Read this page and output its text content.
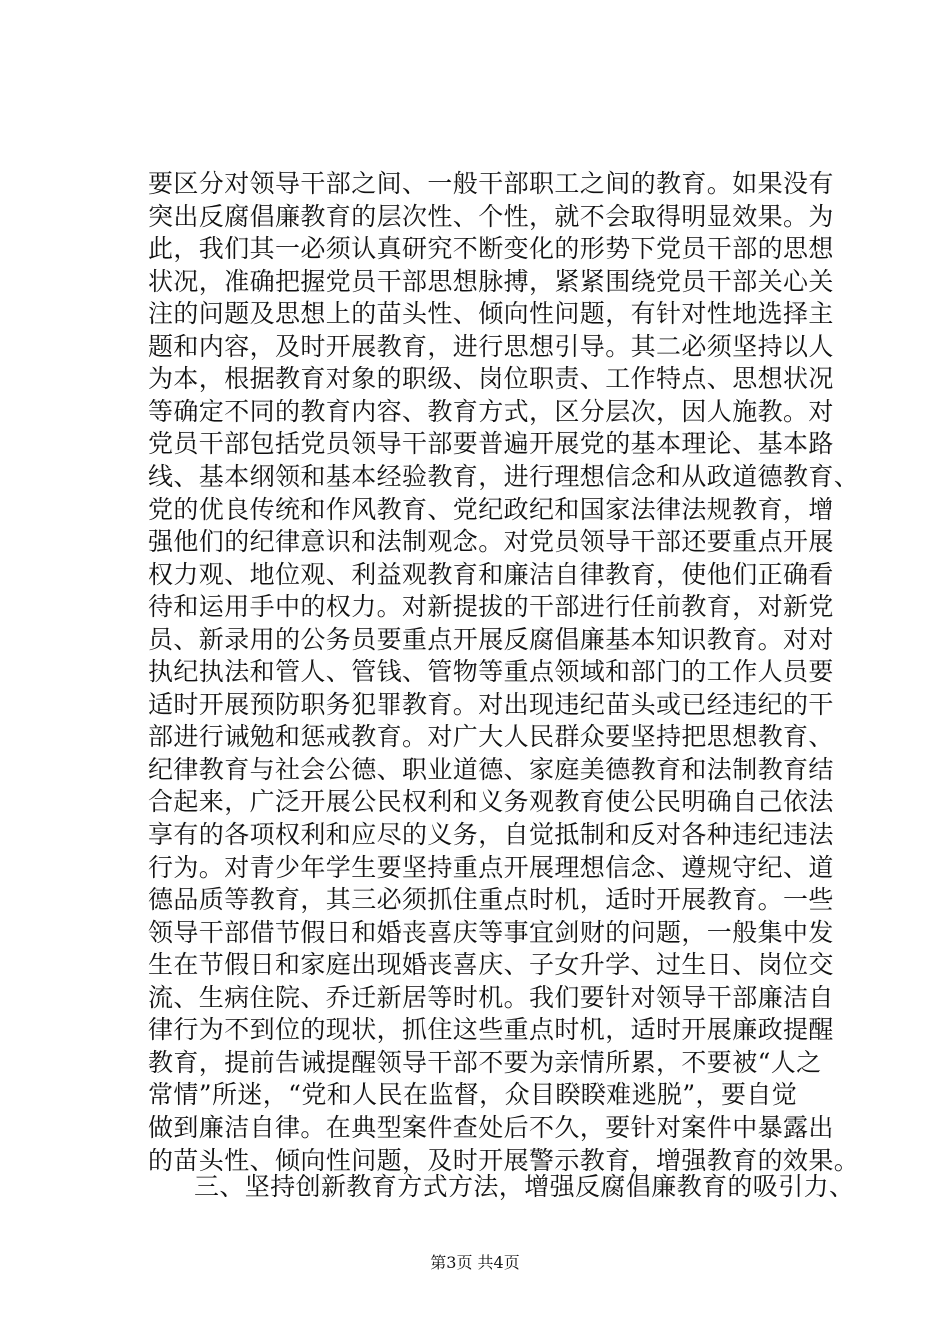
要区分对领导干部之间、一般干部职工之间的教育。如果没有
突出反腐倡廉教育的层次性、个性，就不会取得明显效果。为
此，我们其一必须认真研究不断变化的形势下党员干部的思想
状况，准确把握党员干部思想脉搏，紧紧围绕党员干部关心关
注的问题及思想上的苗头性、倾向性问题，有针对性地选择主
题和内容，及时开展教育，进行思想引导。其二必须坚持以人
为本，根据教育对象的职级、岗位职责、工作特点、思想状况
等确定不同的教育内容、教育方式，区分层次，因人施教。对
党员干部包括党员领导干部要普遍开展党的基本理论、基本路
线、基本纲领和基本经验教育，进行理想信念和从政道德教育、
党的优良传统和作风教育、党纪政纪和国家法律法规教育，增
强他们的纪律意识和法制观念。对党员领导干部还要重点开展
权力观、地位观、利益观教育和廉洁自律教育，使他们正确看
待和运用手中的权力。对新提拔的干部进行任前教育，对新党
员、新录用的公务员要重点开展反腐倡廉基本知识教育。对对
执纪执法和管人、管钱、管物等重点领域和部门的工作人员要
适时开展预防职务犯罪教育。对出现违纪苗头或已经违纪的干
部进行诫勉和惩戒教育。对广大人民群众要坚持把思想教育、
纪律教育与社会公德、职业道德、家庭美德教育和法制教育结
合起来，广泛开展公民权利和义务观教育使公民明确自己依法
享有的各项权利和应尽的义务，自觉抵制和反对各种违纪违法
行为。对青少年学生要坚持重点开展理想信念、遵规守纪、道
德品质等教育，其三必须抓住重点时机，适时开展教育。一些
领导干部借节假日和婚丧喜庆等事宜剑财的问题，一般集中发
生在节假日和家庭出现婚丧喜庆、子女升学、过生日、岗位交
流、生病住院、乔迁新居等时机。我们要针对领导干部廉洁自
律行为不到位的现状，抓住这些重点时机，适时开展廉政提醒
教育，提前告诫提醒领导干部不要为亲情所累，不要被“人之
常情”所迷，“党和人民在监督，众目睽睽难逃脱”，要自觉
做到廉洁自律。在典型案件查处后不久，要针对案件中暴露出
的苗头性、倾向性问题，及时开展警示教育，增强教育的效果。
三、坚持创新教育方式方法，增强反腐倡廉教育的吸引力、
第3页 共4页
